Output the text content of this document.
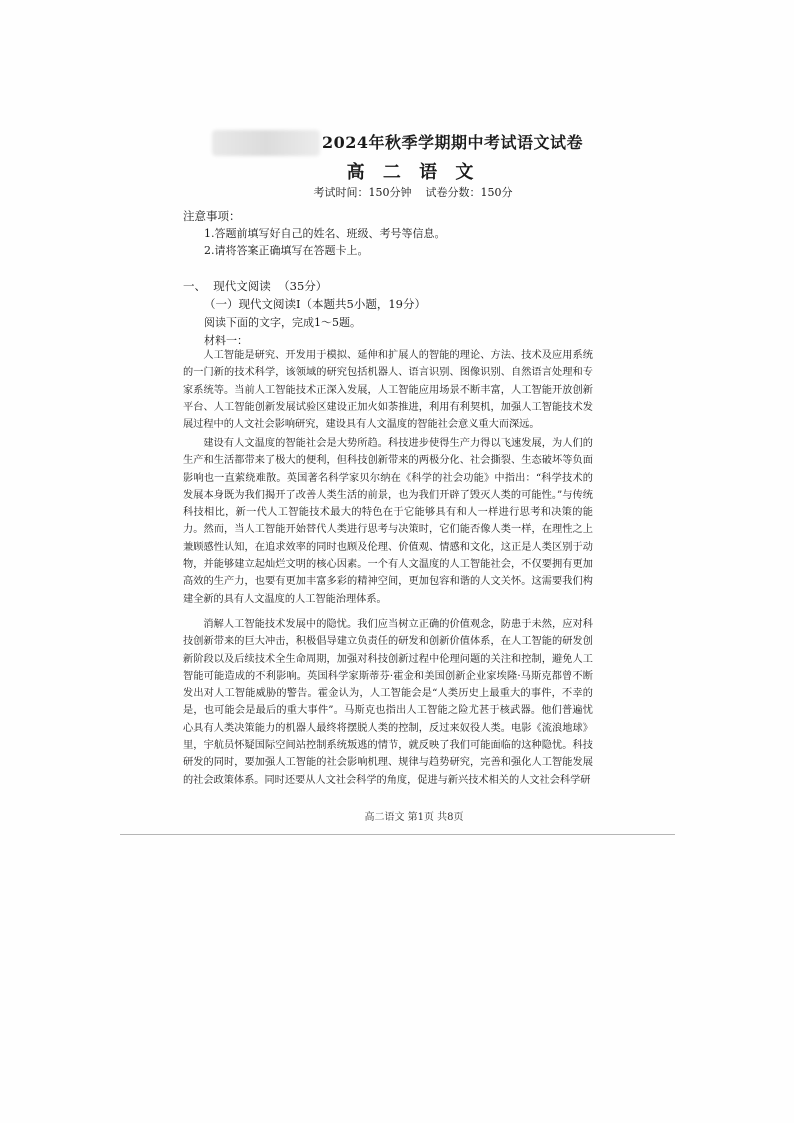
2024年秋季学期期中考试语文试卷
高 二 语 文
考试时间：150分钟    试卷分数：150分
注意事项：
1.答题前填写好自己的姓名、班级、考号等信息。
2.请将答案正确填写在答题卡上。
一、  现代文阅读  （35分）
（一）现代文阅读Ⅰ（本题共5小题，19分）
阅读下面的文字，完成1～5题。
材料一：

人工智能是研究、开发用于模拟、延伸和扩展人的智能的理论、方法、技术及应用系统的一门新的技术科学，该领域的研究包括机器人、语言识别、图像识别、自然语言处理和专家系统等。当前人工智能技术正深入发展，人工智能应用场景不断丰富，人工智能开放创新平台、人工智能创新发展试验区建设正加火如荼推进，利用有利契机，加强人工智能技术发展过程中的人文社会影响研究，建设具有人文温度的智能社会意义重大而深远。

建设有人文温度的智能社会是大势所趋。科技进步使得生产力得以飞速发展，为人们的生产和生活都带来了极大的便利，但科技创新带来的两极分化、社会撕裂、生态破坏等负面影响也一直萦绕难散。英国著名科学家贝尔纳在《科学的社会功能》中指出：“科学技术的发展本身既为我们揭开了改善人类生活的前景，也为我们开辟了毁灭人类的可能性。”与传统科技相比，新一代人工智能技术最大的特色在于它能够具有和人一样进行思考和决策的能力。然而，当人工智能开始替代人类进行思考与决策时，它们能否像人类一样，在理性之上兼顾感性认知，在追求效率的同时也顾及伦理、价值观、情感和文化，这正是人类区别于动物，并能够建立起灿烂文明的核心因素。一个有人文温度的人工智能社会，不仅要拥有更加高效的生产力，也要有更加丰富多彩的精神空间，更加包容和谐的人文关怀。这需要我们构建全新的具有人文温度的人工智能治理体系。

消解人工智能技术发展中的隐忧。我们应当树立正确的价值观念，防患于未然，应对科技创新带来的巨大冲击，积极倡导建立负责任的研发和创新价值体系，在人工智能的研发创新阶段以及后续技术全生命周期，加强对科技创新过程中伦理问题的关注和控制，避免人工智能可能造成的不利影响。英国科学家斯蒂芬·霍金和美国创新企业家埃隆·马斯克都曾不断发出对人工智能威胁的警告。霍金认为，人工智能会是“人类历史上最重大的事件，不幸的是，也可能会是最后的重大事件”。马斯克也指出人工智能之险尤甚于核武器。他们普遍忧心具有人类决策能力的机器人最终将摆脱人类的控制，反过来奴役人类。电影《流浪地球》里，宇航员怀疑国际空间站控制系统叛逃的情节，就反映了我们可能面临的这种隐忧。科技研发的同时，要加强人工智能的社会影响机理、规律与趋势研究，完善和强化人工智能发展的社会政策体系。同时还要从人文社会科学的角度，促进与新兴技术相关的人文社会科学研

高二语文 第1页 共8页
